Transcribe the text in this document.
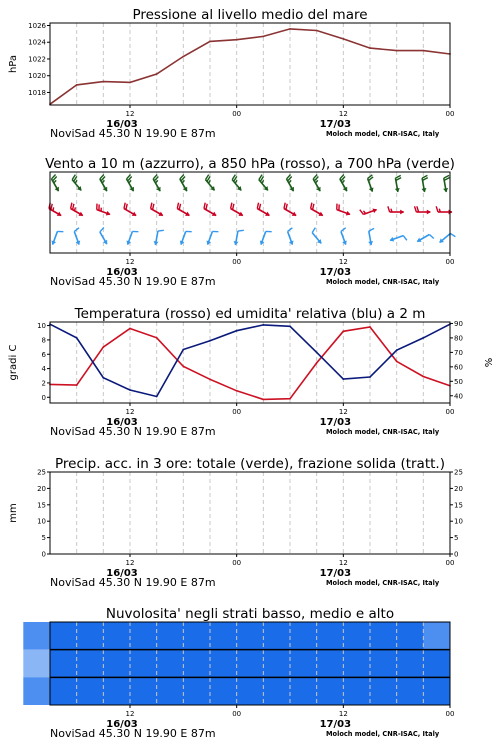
Pressione al livello medio del mare
1018
1020
1022
1024
1026
hPa
12	00	12	00
16/03	17/03
NoviSad 45.30 N 19.90 E 87m	Moloch model, CNR-ISAC, Italy
Vento a 10 m (azzurro), a 850 hPa (rosso), a 700 hPa (verde)
12	00	12	00
16/03	17/03
NoviSad 45.30 N 19.90 E 87m	Moloch model, CNR-ISAC, Italy
Temperatura (rosso) ed umidita' relativa (blu) a 2 m
0
2
4
6
8
10
gradi C
40
50
60
70
80
90
%
12	00	12	00
16/03	17/03
NoviSad 45.30 N 19.90 E 87m	Moloch model, CNR-ISAC, Italy
Precip. acc. in 3 ore: totale (verde), frazione solida (tratt.)
0
5
10
15
20
25
mm
0
5
10
15
20
25
12	00	12	00
16/03	17/03
NoviSad 45.30 N 19.90 E 87m	Moloch model, CNR-ISAC, Italy
Nuvolosita' negli strati basso, medio e alto
12	00	12	00
16/03	17/03
NoviSad 45.30 N 19.90 E 87m	Moloch model, CNR-ISAC, Italy
